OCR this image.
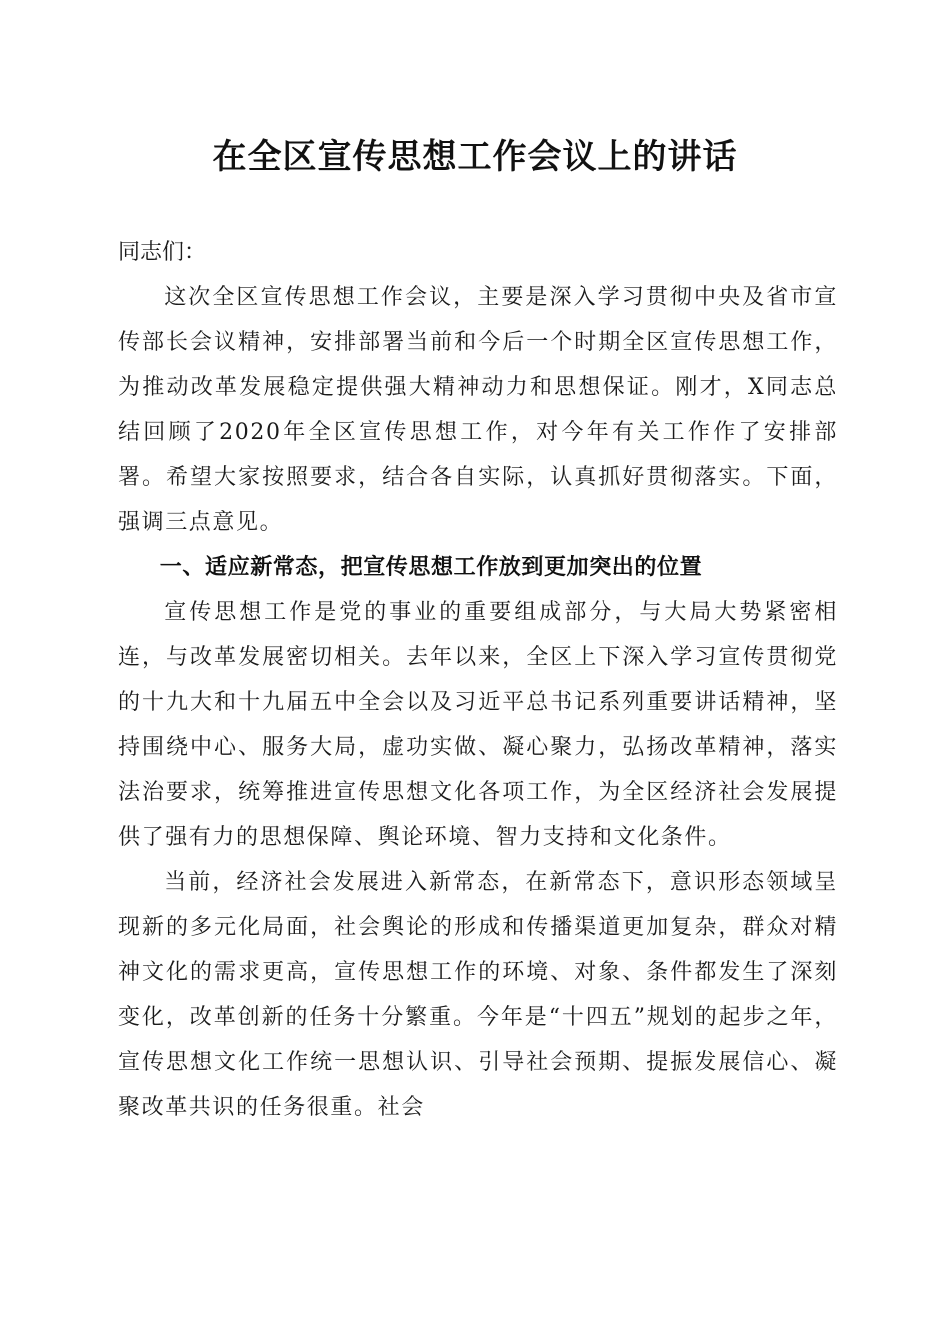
在全区宣传思想工作会议上的讲话

同志们：

这次全区宣传思想工作会议，主要是深入学习贯彻中央及省市宣传部长会议精神，安排部署当前和今后一个时期全区宣传思想工作，为推动改革发展稳定提供强大精神动力和思想保证。刚才，X同志总结回顾了2020年全区宣传思想工作，对今年有关工作作了安排部署。希望大家按照要求，结合各自实际，认真抓好贯彻落实。下面，强调三点意见。

一、适应新常态，把宣传思想工作放到更加突出的位置

宣传思想工作是党的事业的重要组成部分，与大局大势紧密相连，与改革发展密切相关。去年以来，全区上下深入学习宣传贯彻党的十九大和十九届五中全会以及习近平总书记系列重要讲话精神，坚持围绕中心、服务大局，虚功实做、凝心聚力，弘扬改革精神，落实法治要求，统筹推进宣传思想文化各项工作，为全区经济社会发展提供了强有力的思想保障、舆论环境、智力支持和文化条件。

当前，经济社会发展进入新常态，在新常态下，意识形态领域呈现新的多元化局面，社会舆论的形成和传播渠道更加复杂，群众对精神文化的需求更高，宣传思想工作的环境、对象、条件都发生了深刻变化，改革创新的任务十分繁重。今年是“十四五”规划的起步之年，宣传思想文化工作统一思想认识、引导社会预期、提振发展信心、凝聚改革共识的任务很重。社会
